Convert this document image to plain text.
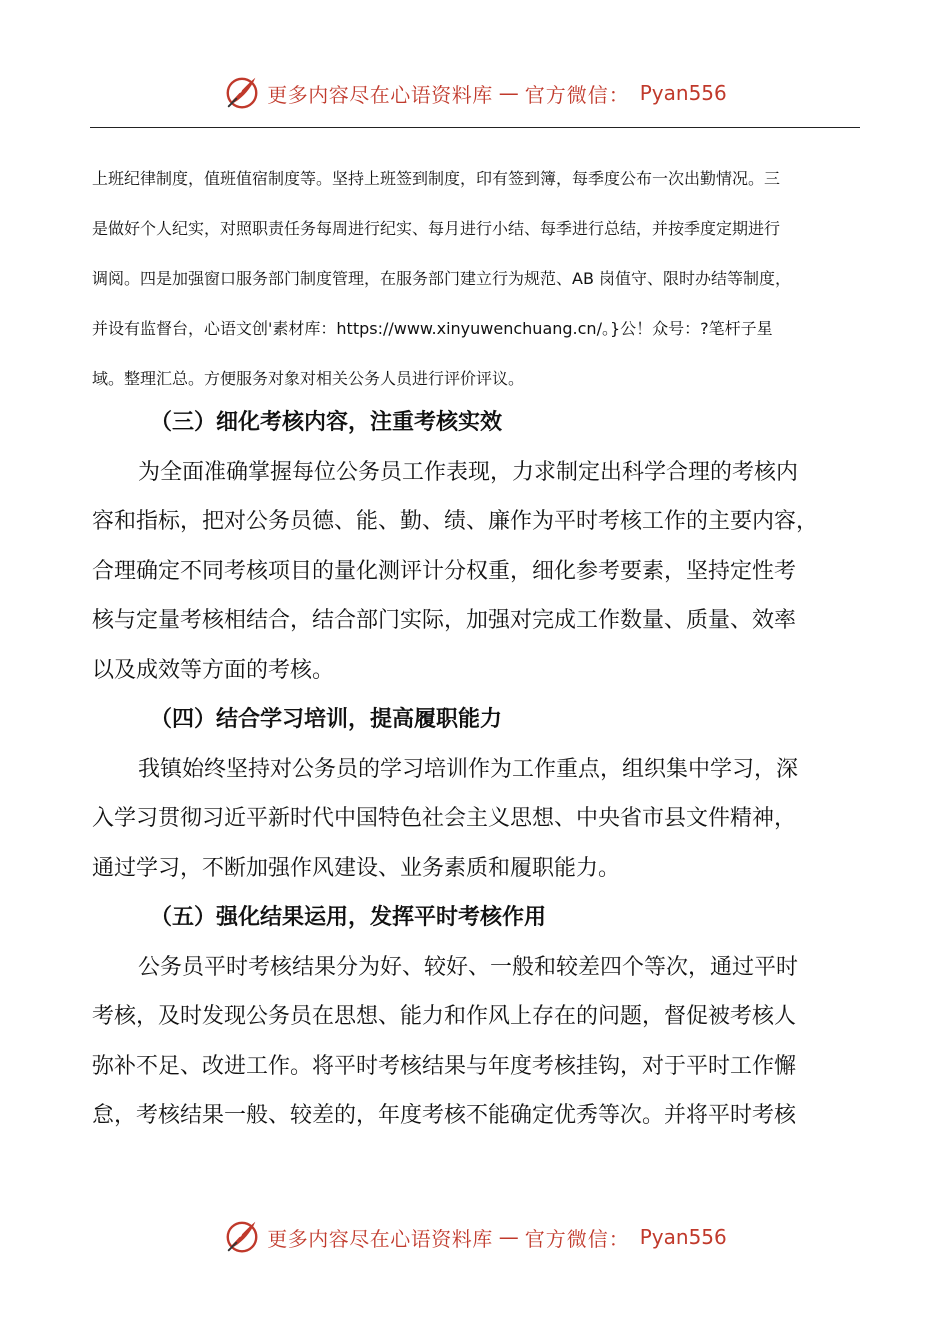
更多内容尽在心语资料库 — 官方微信： Pyan556
上班纪律制度，值班值宿制度等。坚持上班签到制度，印有签到簿，每季度公布一次出勤情况。三
是做好个人纪实，对照职责任务每周进行纪实、每月进行小结、每季进行总结，并按季度定期进行
调阅。四是加强窗口服务部门制度管理，在服务部门建立行为规范、AB 岗值守、限时办结等制度，
并设有监督台，心语文创'素材库：https://www.xinyuwenchuang.cn/。}公！众号：?笔杆子星
域。整理汇总。方便服务对象对相关公务人员进行评价评议。
（三）细化考核内容，注重考核实效
为全面准确掌握每位公务员工作表现，力求制定出科学合理的考核内
容和指标，把对公务员德、能、勤、绩、廉作为平时考核工作的主要内容，
合理确定不同考核项目的量化测评计分权重，细化参考要素，坚持定性考
核与定量考核相结合，结合部门实际，加强对完成工作数量、质量、效率
以及成效等方面的考核。
（四）结合学习培训，提高履职能力
我镇始终坚持对公务员的学习培训作为工作重点，组织集中学习，深
入学习贯彻习近平新时代中国特色社会主义思想、中央省市县文件精神，
通过学习，不断加强作风建设、业务素质和履职能力。
（五）强化结果运用，发挥平时考核作用
公务员平时考核结果分为好、较好、一般和较差四个等次，通过平时
考核，及时发现公务员在思想、能力和作风上存在的问题，督促被考核人
弥补不足、改进工作。将平时考核结果与年度考核挂钩，对于平时工作懈
怠，考核结果一般、较差的，年度考核不能确定优秀等次。并将平时考核
更多内容尽在心语资料库 — 官方微信： Pyan556
